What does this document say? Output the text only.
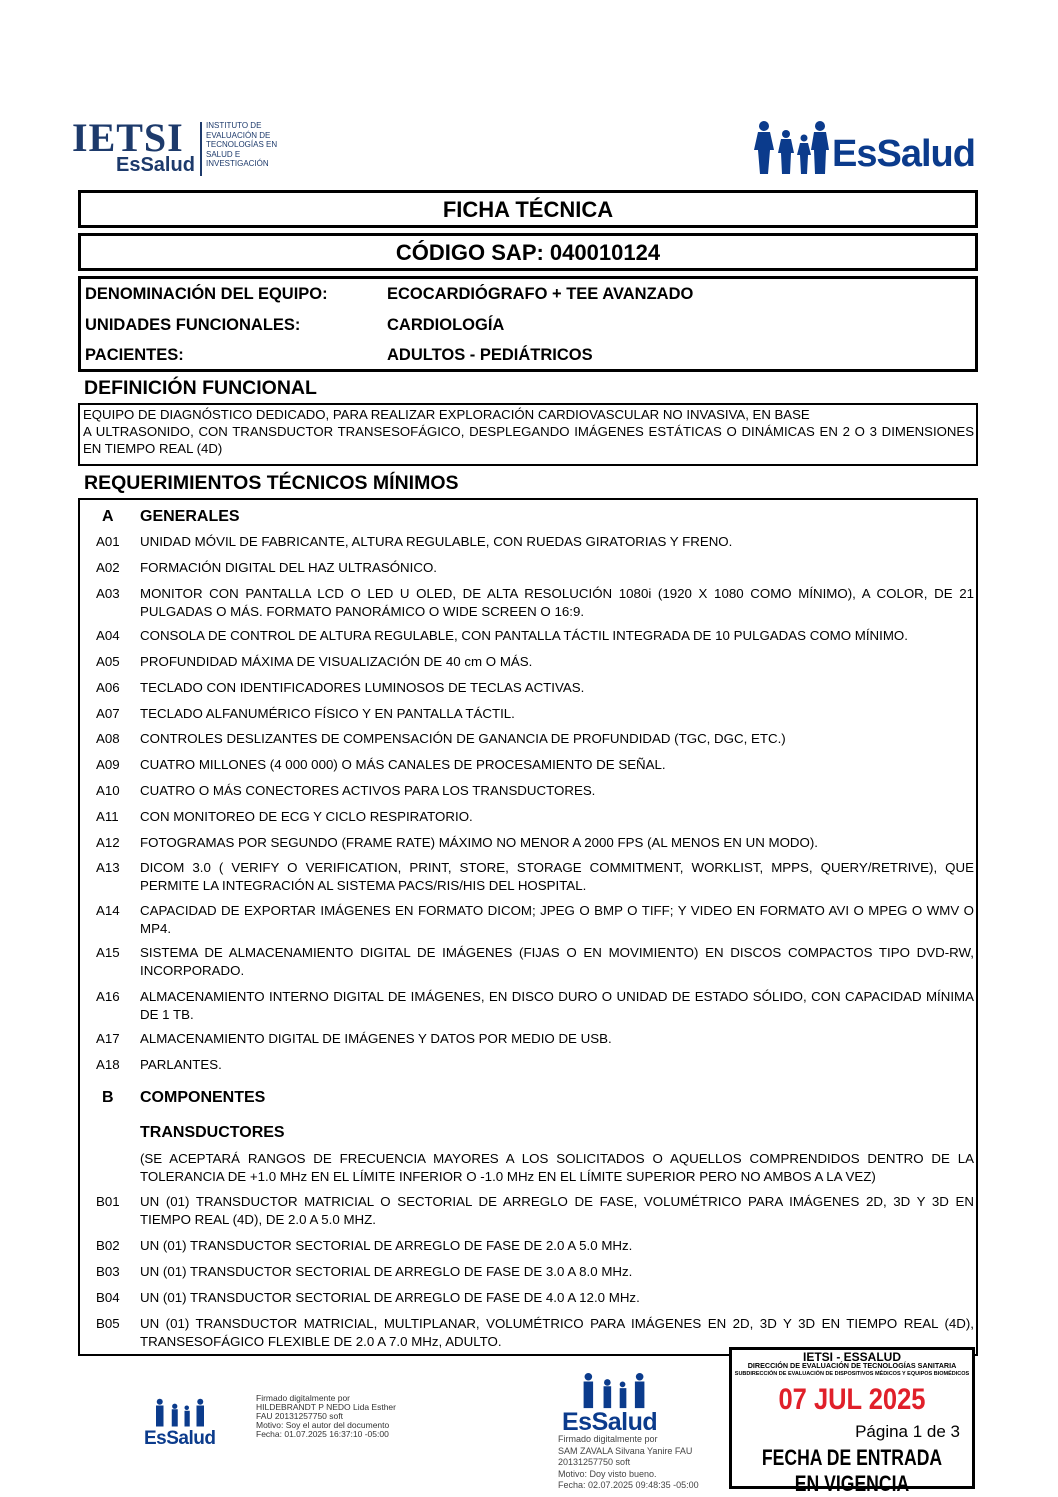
IETSI
EsSalud
INSTITUTO DE
EVALUACIÓN DE
TECNOLOGÍAS EN
SALUD E
INVESTIGACIÓN	EsSalud
FICHA TÉCNICA
CÓDIGO SAP: 040010124
DENOMINACIÓN DEL EQUIPO:	ECOCARDIÓGRAFO + TEE AVANZADO
UNIDADES FUNCIONALES:	CARDIOLOGÍA
PACIENTES:	ADULTOS - PEDIÁTRICOS
DEFINICIÓN FUNCIONAL
EQUIPO DE DIAGNÓSTICO DEDICADO, PARA REALIZAR EXPLORACIÓN CARDIOVASCULAR NO INVASIVA, EN BASE
A ULTRASONIDO, CON TRANSDUCTOR TRANSESOFÁGICO, DESPLEGANDO IMÁGENES ESTÁTICAS O DINÁMICAS EN 2 O 3 DIMENSIONES EN TIEMPO REAL (4D)
REQUERIMIENTOS TÉCNICOS MÍNIMOS
A	GENERALES
A01	UNIDAD MÓVIL DE FABRICANTE, ALTURA REGULABLE, CON RUEDAS GIRATORIAS Y FRENO.
A02	FORMACIÓN DIGITAL DEL HAZ ULTRASÓNICO.
A03	MONITOR CON PANTALLA LCD O LED U OLED, DE ALTA RESOLUCIÓN 1080i (1920 X 1080 COMO MÍNIMO), A COLOR, DE 21 PULGADAS O MÁS. FORMATO PANORÁMICO O WIDE SCREEN O 16:9.
A04	CONSOLA DE CONTROL DE ALTURA REGULABLE, CON PANTALLA TÁCTIL INTEGRADA DE 10 PULGADAS COMO MÍNIMO.
A05	PROFUNDIDAD MÁXIMA DE VISUALIZACIÓN DE 40 cm O MÁS.
A06	TECLADO CON IDENTIFICADORES LUMINOSOS DE TECLAS ACTIVAS.
A07	TECLADO ALFANUMÉRICO FÍSICO Y EN PANTALLA TÁCTIL.
A08	CONTROLES DESLIZANTES DE COMPENSACIÓN DE GANANCIA DE PROFUNDIDAD (TGC, DGC, ETC.)
A09	CUATRO MILLONES (4 000 000) O MÁS CANALES DE PROCESAMIENTO DE SEÑAL.
A10	CUATRO O MÁS CONECTORES ACTIVOS PARA LOS TRANSDUCTORES.
A11	CON MONITOREO DE ECG Y CICLO RESPIRATORIO.
A12	FOTOGRAMAS POR SEGUNDO (FRAME RATE) MÁXIMO NO MENOR A 2000 FPS (AL MENOS EN UN MODO).
A13	DICOM 3.0 ( VERIFY O VERIFICATION, PRINT, STORE, STORAGE COMMITMENT, WORKLIST, MPPS, QUERY/RETRIVE), QUE PERMITE LA INTEGRACIÓN AL SISTEMA PACS/RIS/HIS DEL HOSPITAL.
A14	CAPACIDAD DE EXPORTAR IMÁGENES EN FORMATO DICOM; JPEG O BMP O TIFF; Y VIDEO EN FORMATO AVI O MPEG O WMV O MP4.
A15	SISTEMA DE ALMACENAMIENTO DIGITAL DE IMÁGENES (FIJAS O EN MOVIMIENTO) EN DISCOS COMPACTOS TIPO DVD-RW, INCORPORADO.
A16	ALMACENAMIENTO INTERNO DIGITAL DE IMÁGENES, EN DISCO DURO O UNIDAD DE ESTADO SÓLIDO, CON CAPACIDAD MÍNIMA DE 1 TB.
A17	ALMACENAMIENTO DIGITAL DE IMÁGENES Y DATOS POR MEDIO DE USB.
A18	PARLANTES.
B	COMPONENTES
TRANSDUCTORES
(SE ACEPTARÁ RANGOS DE FRECUENCIA MAYORES A LOS SOLICITADOS O AQUELLOS COMPRENDIDOS DENTRO DE LA TOLERANCIA DE +1.0 MHz EN EL LÍMITE INFERIOR O -1.0 MHz EN EL LÍMITE SUPERIOR PERO NO AMBOS A LA VEZ)
B01	UN (01) TRANSDUCTOR MATRICIAL O SECTORIAL DE ARREGLO DE FASE, VOLUMÉTRICO PARA IMÁGENES 2D, 3D Y 3D EN TIEMPO REAL (4D), DE 2.0 A 5.0 MHZ.
B02	UN (01) TRANSDUCTOR SECTORIAL DE ARREGLO DE FASE DE 2.0 A 5.0 MHz.
B03	UN (01) TRANSDUCTOR SECTORIAL DE ARREGLO DE FASE DE 3.0 A 8.0 MHz.
B04	UN (01) TRANSDUCTOR SECTORIAL DE ARREGLO DE FASE DE 4.0 A 12.0 MHz.
B05	UN (01) TRANSDUCTOR MATRICIAL, MULTIPLANAR, VOLUMÉTRICO PARA IMÁGENES EN 2D, 3D Y 3D EN TIEMPO REAL (4D), TRANSESOFÁGICO FLEXIBLE DE 2.0 A 7.0 MHz, ADULTO.
EsSalud
Firmado digitalmente por
HILDEBRANDT P NEDO Lida Esther
FAU 20131257750 soft
Motivo: Soy el autor del documento
Fecha: 01.07.2025 16:37:10 -05:00	EsSalud
Firmado digitalmente por
SAM ZAVALA Silvana Yanire FAU
20131257750 soft
Motivo: Doy visto bueno.
Fecha: 02.07.2025 09:48:35 -05:00
IETSI - ESSALUD
DIRECCIÓN DE EVALUACIÓN DE TECNOLOGÍAS SANITARIA
SUBDIRECCIÓN DE EVALUACIÓN DE DISPOSITIVOS MÉDICOS Y EQUIPOS BIOMÉDICOS
07 JUL 2025
Página 1 de 3
FECHA DE ENTRADA EN VIGENCIA
